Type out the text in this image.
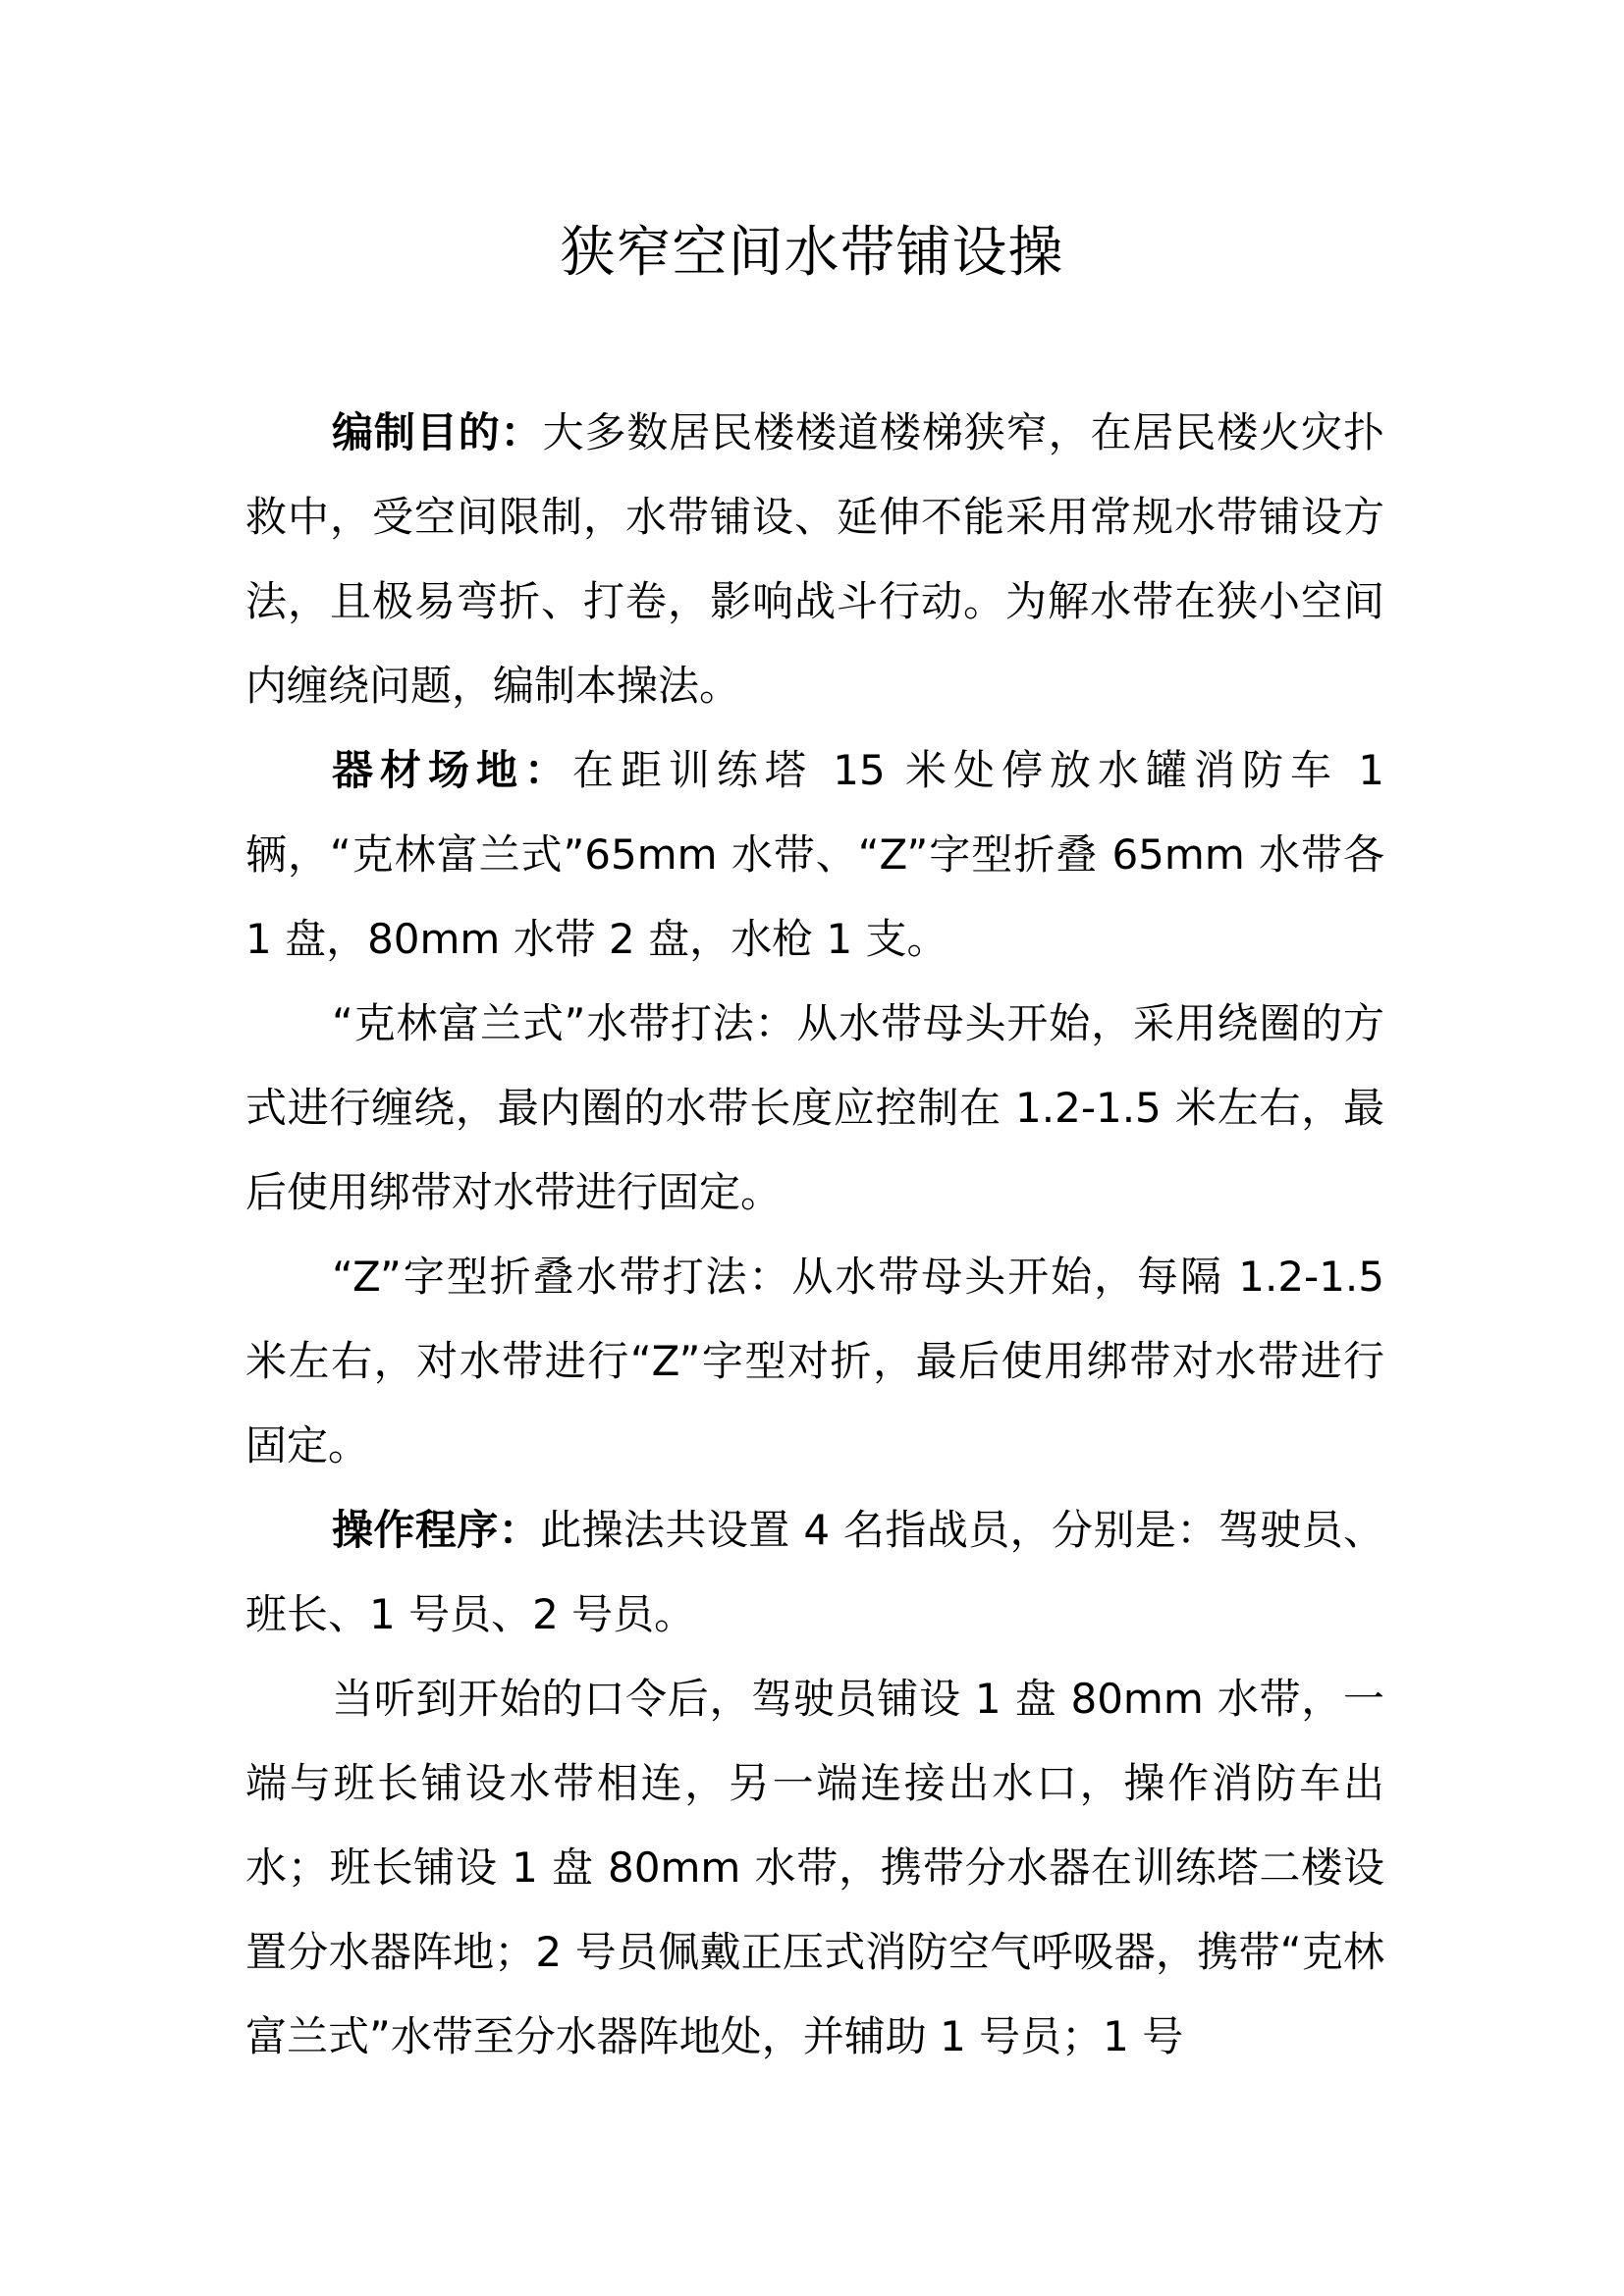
狭窄空间水带铺设操

编制目的：大多数居民楼楼道楼梯狭窄，在居民楼火灾扑救中，受空间限制，水带铺设、延伸不能采用常规水带铺设方法，且极易弯折、打卷，影响战斗行动。为解水带在狭小空间内缠绕问题，编制本操法。

器材场地：在距训练塔 15 米处停放水罐消防车 1 辆，“克林富兰式”65mm 水带、“Z”字型折叠 65mm 水带各 1 盘，80mm 水带 2 盘，水枪 1 支。

“克林富兰式”水带打法：从水带母头开始，采用绕圈的方式进行缠绕，最内圈的水带长度应控制在 1.2-1.5 米左右，最后使用绑带对水带进行固定。

“Z”字型折叠水带打法：从水带母头开始，每隔 1.2-1.5 米左右，对水带进行“Z”字型对折，最后使用绑带对水带进行固定。

操作程序：此操法共设置 4 名指战员，分别是：驾驶员、班长、1 号员、2 号员。

当听到开始的口令后，驾驶员铺设 1 盘 80mm 水带，一端与班长铺设水带相连，另一端连接出水口，操作消防车出水；班长铺设 1 盘 80mm 水带，携带分水器在训练塔二楼设置分水器阵地；2 号员佩戴正压式消防空气呼吸器，携带“克林富兰式”水带至分水器阵地处，并辅助 1 号员；1 号
